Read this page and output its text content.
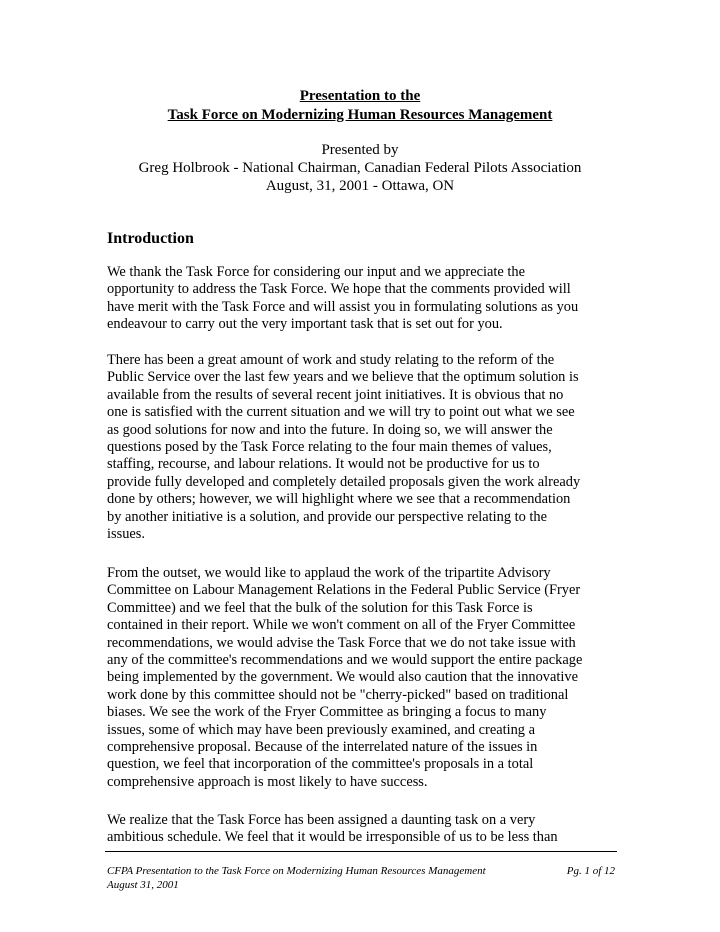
Presentation to the
Task Force on Modernizing Human Resources Management
Presented by
Greg Holbrook - National Chairman, Canadian Federal Pilots Association
August, 31, 2001 - Ottawa, ON
Introduction
We thank the Task Force for considering our input and we appreciate the
opportunity to address the Task Force. We hope that the comments provided will
have merit with the Task Force and will assist you in formulating solutions as you
endeavour to carry out the very important task that is set out for you.
There has been a great amount of work and study relating to the reform of the
Public Service over the last few years and we believe that the optimum solution is
available from the results of several recent joint initiatives. It is obvious that no
one is satisfied with the current situation and we will try to point out what we see
as good solutions for now and into the future. In doing so, we will answer the
questions posed by the Task Force relating to the four main themes of values,
staffing, recourse, and labour relations. It would not be productive for us to
provide fully developed and completely detailed proposals given the work already
done by others; however, we will highlight where we see that a recommendation
by another initiative is a solution, and provide our perspective relating to the
issues.
From the outset, we would like to applaud the work of the tripartite Advisory
Committee on Labour Management Relations in the Federal Public Service (Fryer
Committee) and we feel that the bulk of the solution for this Task Force is
contained in their report. While we won't comment on all of the Fryer Committee
recommendations, we would advise the Task Force that we do not take issue with
any of the committee's recommendations and we would support the entire package
being implemented by the government. We would also caution that the innovative
work done by this committee should not be "cherry-picked" based on traditional
biases. We see the work of the Fryer Committee as bringing a focus to many
issues, some of which may have been previously examined, and creating a
comprehensive proposal. Because of the interrelated nature of the issues in
question, we feel that incorporation of the committee's proposals in a total
comprehensive approach is most likely to have success.
We realize that the Task Force has been assigned a daunting task on a very
ambitious schedule. We feel that it would be irresponsible of us to be less than
CFPA Presentation to the Task Force on Modernizing Human Resources Management
August 31, 2001
Pg. 1 of 12
